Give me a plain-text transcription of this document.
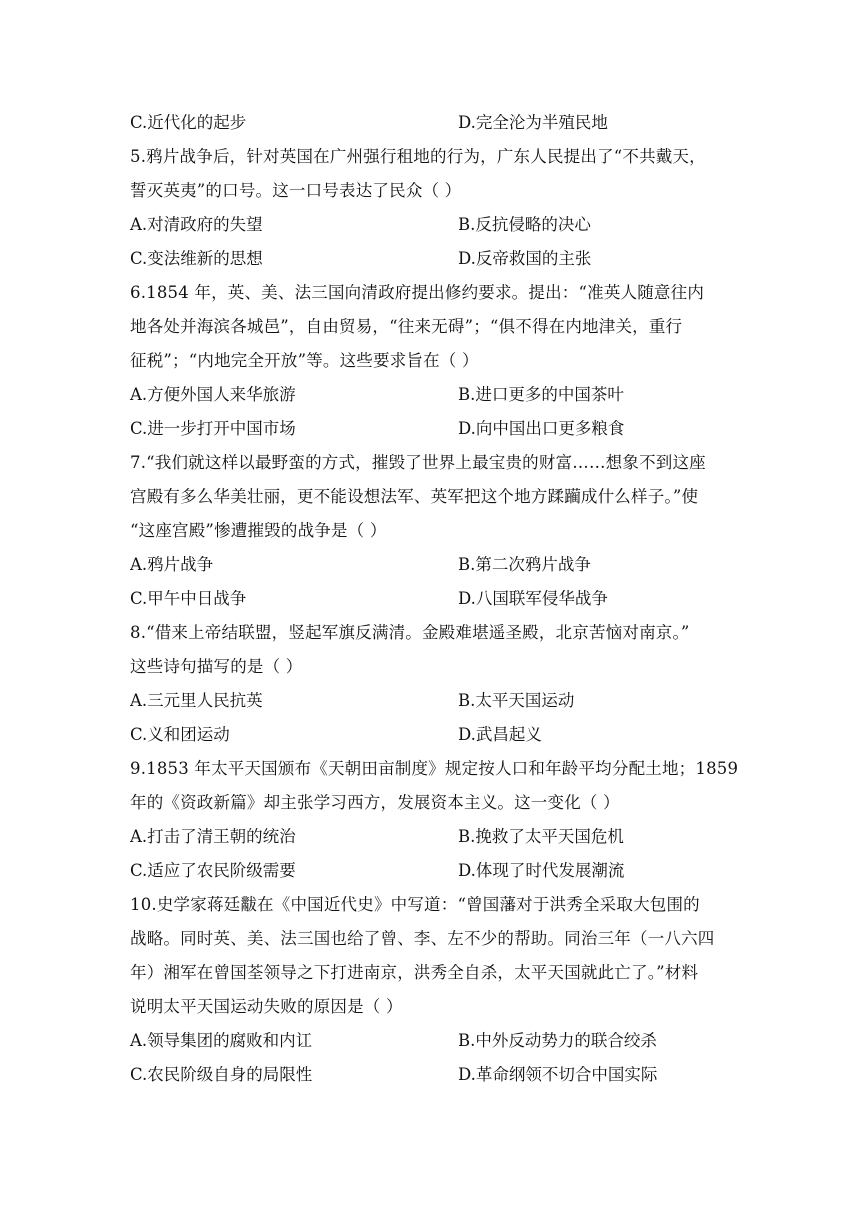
C.近代化的起步	D.完全沦为半殖民地
5.鸦片战争后，针对英国在广州强行租地的行为，广东人民提出了“不共戴天，
誓灭英夷”的口号。这一口号表达了民众（ ）
A.对清政府的失望	B.反抗侵略的决心
C.变法维新的思想	D.反帝救国的主张
6.1854 年，英、美、法三国向清政府提出修约要求。提出：“准英人随意往内
地各处并海滨各城邑”，自由贸易，“往来无碍”；“俱不得在内地津关，重行
征税”；“内地完全开放”等。这些要求旨在（ ）
A.方便外国人来华旅游	B.进口更多的中国茶叶
C.进一步打开中国市场	D.向中国出口更多粮食
7.“我们就这样以最野蛮的方式，摧毁了世界上最宝贵的财富……想象不到这座
宫殿有多么华美壮丽，更不能设想法军、英军把这个地方蹂躏成什么样子。”使
“这座宫殿”惨遭摧毁的战争是（ ）
A.鸦片战争	B.第二次鸦片战争
C.甲午中日战争	D.八国联军侵华战争
8.“借来上帝结联盟，竖起军旗反满清。金殿难堪遥圣殿，北京苦恼对南京。”
这些诗句描写的是（ ）
A.三元里人民抗英	B.太平天国运动
C.义和团运动	D.武昌起义
9.1853 年太平天国颁布《天朝田亩制度》规定按人口和年龄平均分配土地；1859
年的《资政新篇》却主张学习西方，发展资本主义。这一变化（ ）
A.打击了清王朝的统治	B.挽救了太平天国危机
C.适应了农民阶级需要	D.体现了时代发展潮流
10.史学家蒋廷黻在《中国近代史》中写道：“曾国藩对于洪秀全采取大包围的
战略。同时英、美、法三国也给了曾、李、左不少的帮助。同治三年（一八六四
年）湘军在曾国荃领导之下打进南京，洪秀全自杀，太平天国就此亡了。”材料
说明太平天国运动失败的原因是（ ）
A.领导集团的腐败和内讧	B.中外反动势力的联合绞杀
C.农民阶级自身的局限性	D.革命纲领不切合中国实际
